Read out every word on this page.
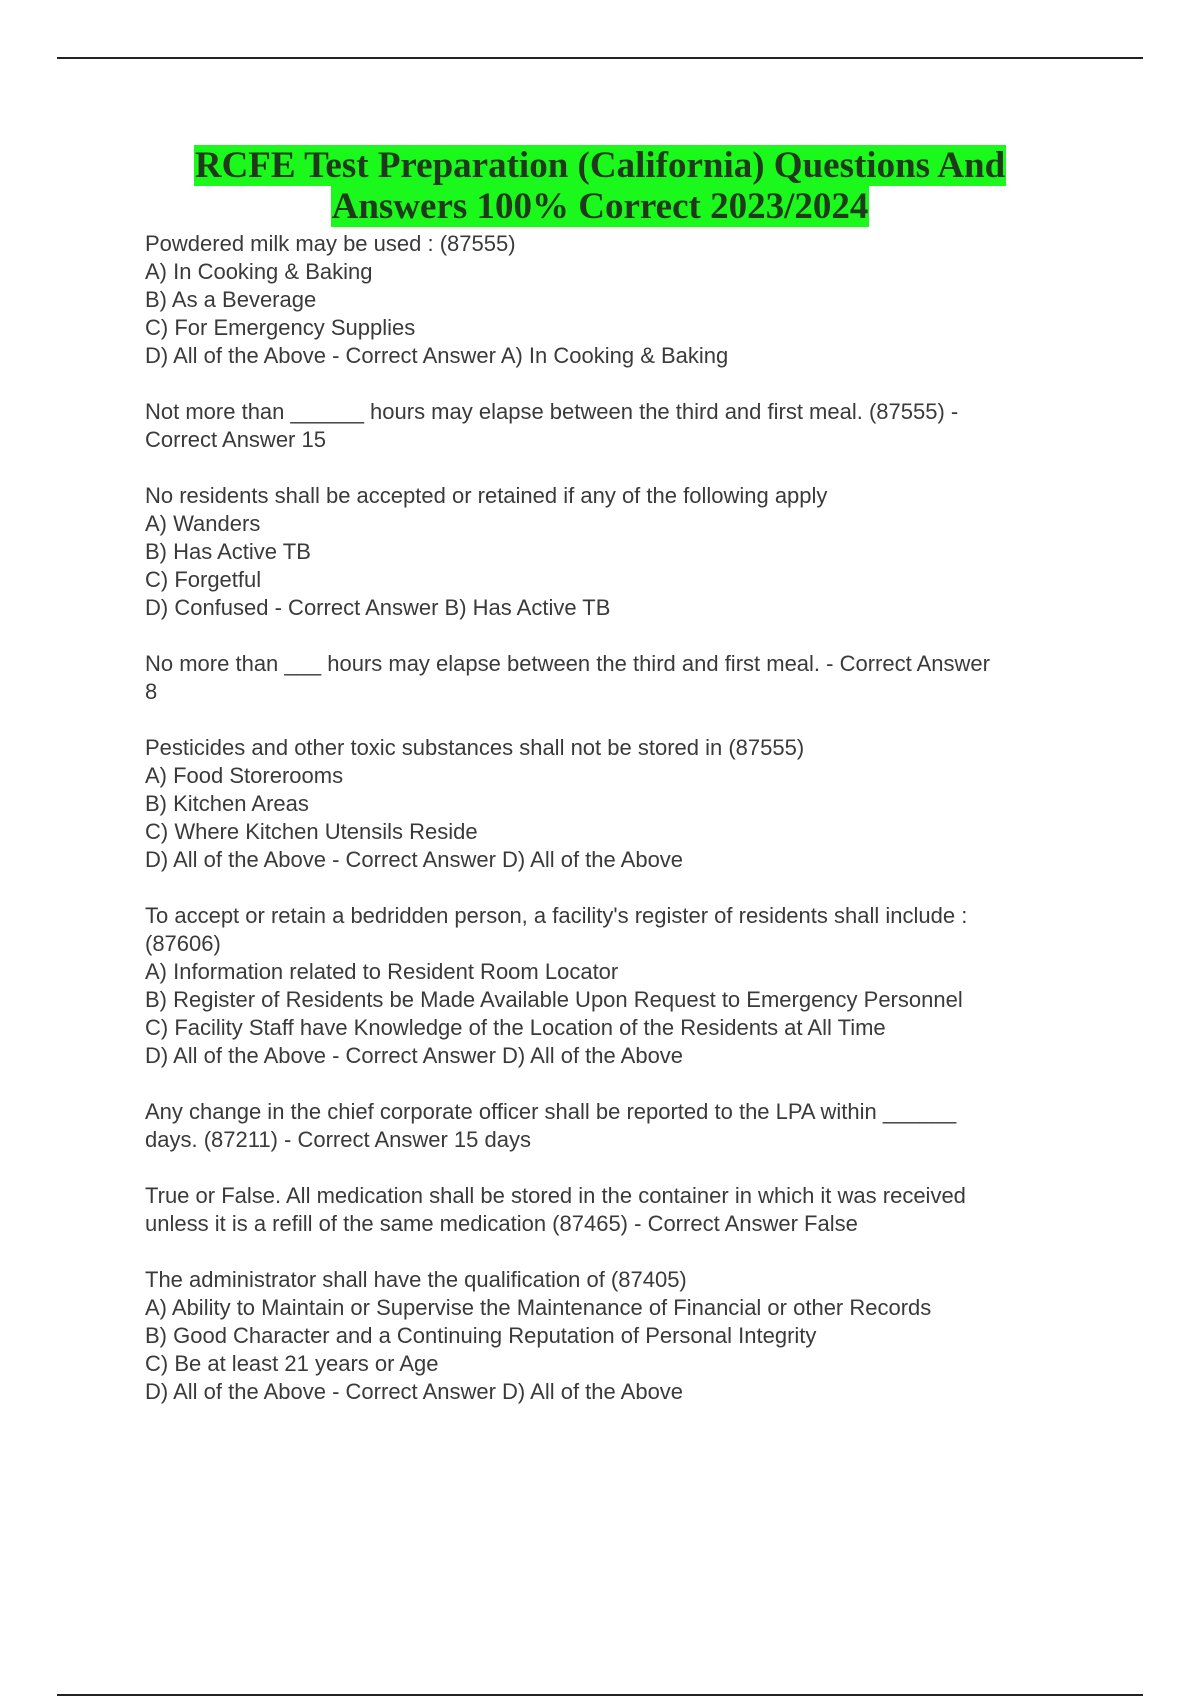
RCFE Test Preparation (California) Questions And
Answers 100% Correct 2023/2024
Powdered milk may be used : (87555)
A) In Cooking & Baking
B) As a Beverage
C) For Emergency Supplies
D) All of the Above - Correct Answer A) In Cooking & Baking
Not more than ______ hours may elapse between the third and first meal. (87555) -
Correct Answer 15
No residents shall be accepted or retained if any of the following apply
A) Wanders
B) Has Active TB
C) Forgetful
D) Confused - Correct Answer B) Has Active TB
No more than ___ hours may elapse between the third and first meal. - Correct Answer
8
Pesticides and other toxic substances shall not be stored in (87555)
A) Food Storerooms
B) Kitchen Areas
C) Where Kitchen Utensils Reside
D) All of the Above - Correct Answer D) All of the Above
To accept or retain a bedridden person, a facility's register of residents shall include :
(87606)
A) Information related to Resident Room Locator
B) Register of Residents be Made Available Upon Request to Emergency Personnel
C) Facility Staff have Knowledge of the Location of the Residents at All Time
D) All of the Above - Correct Answer D) All of the Above
Any change in the chief corporate officer shall be reported to the LPA within ______
days. (87211) - Correct Answer 15 days
True or False. All medication shall be stored in the container in which it was received
unless it is a refill of the same medication (87465) - Correct Answer False
The administrator shall have the qualification of (87405)
A) Ability to Maintain or Supervise the Maintenance of Financial or other Records
B) Good Character and a Continuing Reputation of Personal Integrity
C) Be at least 21 years or Age
D) All of the Above - Correct Answer D) All of the Above
